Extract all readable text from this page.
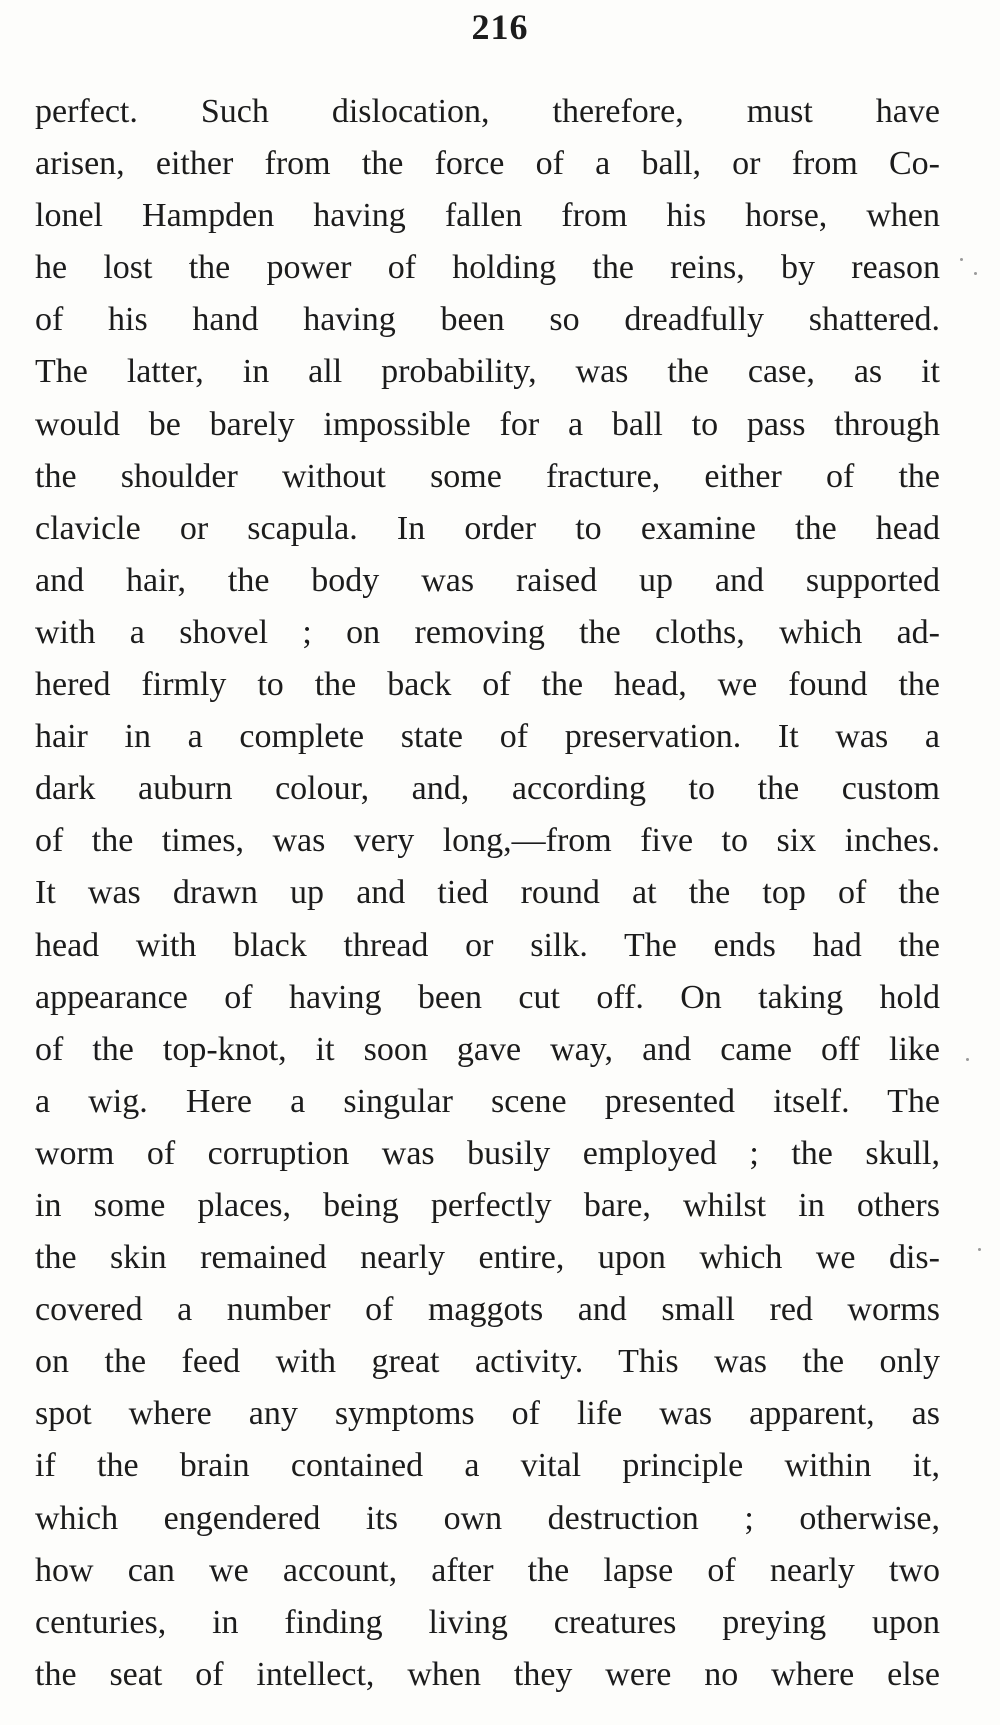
216
perfect. Such dislocation, therefore, must have
arisen, either from the force of a ball, or from Co-
lonel Hampden having fallen from his horse, when
he lost the power of holding the reins, by reason
of his hand having been so dreadfully shattered.
The latter, in all probability, was the case, as it
would be barely impossible for a ball to pass through
the shoulder without some fracture, either of the
clavicle or scapula. In order to examine the head
and hair, the body was raised up and supported
with a shovel ; on removing the cloths, which ad-
hered firmly to the back of the head, we found the
hair in a complete state of preservation. It was a
dark auburn colour, and, according to the custom
of the times, was very long,—from five to six inches.
It was drawn up and tied round at the top of the
head with black thread or silk. The ends had the
appearance of having been cut off. On taking hold
of the top-knot, it soon gave way, and came off like
a wig. Here a singular scene presented itself. The
worm of corruption was busily employed ; the skull,
in some places, being perfectly bare, whilst in others
the skin remained nearly entire, upon which we dis-
covered a number of maggots and small red worms
on the feed with great activity. This was the only
spot where any symptoms of life was apparent, as
if the brain contained a vital principle within it,
which engendered its own destruction ; otherwise,
how can we account, after the lapse of nearly two
centuries, in finding living creatures preying upon
the seat of intellect, when they were no where else
